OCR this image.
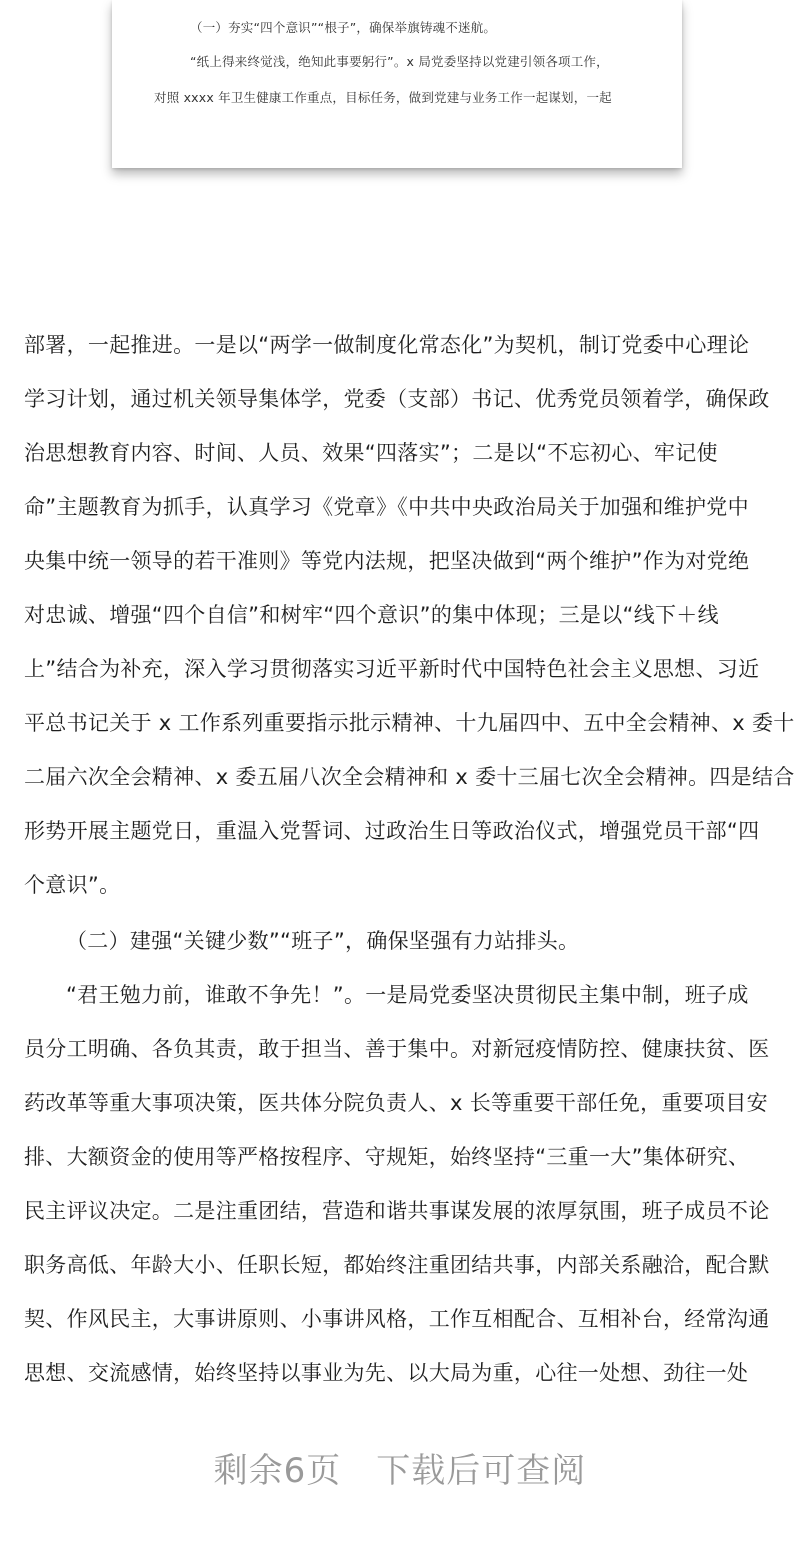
（一）夯实“四个意识”“根子”，确保举旗铸魂不迷航。
“纸上得来终觉浅，绝知此事要躬行”。x 局党委坚持以党建引领各项工作，
对照 xxxx 年卫生健康工作重点，目标任务，做到党建与业务工作一起谋划，一起
部署，一起推进。一是以“两学一做制度化常态化”为契机，制订党委中心理论
学习计划，通过机关领导集体学，党委（支部）书记、优秀党员领着学，确保政
治思想教育内容、时间、人员、效果“四落实”；二是以“不忘初心、牢记使
命”主题教育为抓手，认真学习《党章》《中共中央政治局关于加强和维护党中
央集中统一领导的若干准则》等党内法规，把坚决做到“两个维护”作为对党绝
对忠诚、增强“四个自信”和树牢“四个意识”的集中体现；三是以“线下＋线
上”结合为补充，深入学习贯彻落实习近平新时代中国特色社会主义思想、习近
平总书记关于 x 工作系列重要指示批示精神、十九届四中、五中全会精神、x 委十
二届六次全会精神、x 委五届八次全会精神和 x 委十三届七次全会精神。四是结合
形势开展主题党日，重温入党誓词、过政治生日等政治仪式，增强党员干部“四
个意识”。
（二）建强“关键少数”“班子”，确保坚强有力站排头。
“君王勉力前，谁敢不争先！”。一是局党委坚决贯彻民主集中制，班子成
员分工明确、各负其责，敢于担当、善于集中。对新冠疫情防控、健康扶贫、医
药改革等重大事项决策，医共体分院负责人、x 长等重要干部任免，重要项目安
排、大额资金的使用等严格按程序、守规矩，始终坚持“三重一大”集体研究、
民主评议决定。二是注重团结，营造和谐共事谋发展的浓厚氛围，班子成员不论
职务高低、年龄大小、任职长短，都始终注重团结共事，内部关系融洽，配合默
契、作风民主，大事讲原则、小事讲风格，工作互相配合、互相补台，经常沟通
思想、交流感情，始终坚持以事业为先、以大局为重，心往一处想、劲往一处
剩余6页　下载后可查阅
